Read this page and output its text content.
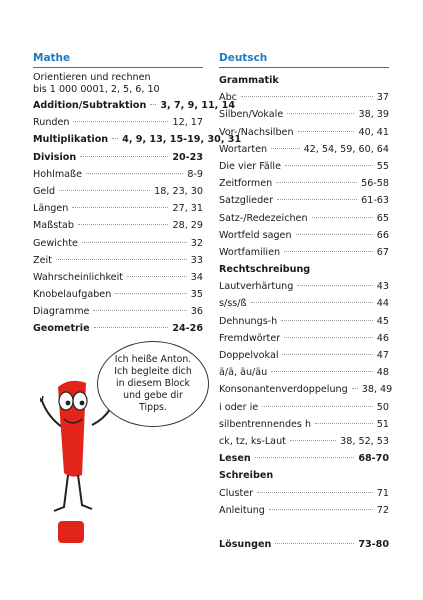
Mathe
Orientieren und rechnen
bis 1 000 000 1, 2, 5, 6, 10
Addition/Subtraktion 3, 7, 9, 11, 14
Runden	12, 17
Multiplikation 4, 9, 13, 15-19, 30, 31
Division	20-23
Hohlmaße	8-9
Geld	18, 23, 30
Längen	27, 31
Maßstab	28, 29
Gewichte	32
Zeit	33
Wahrscheinlichkeit	34
Knobelaufgaben	35
Diagramme	36
Geometrie	24-26
Deutsch
Grammatik
Abc	37
Silben/Vokale	38, 39
Vor-/Nachsilben	40, 41
Wortarten	42, 54, 59, 60, 64
Die vier Fälle	55
Zeitformen	56-58
Satzglieder	61-63
Satz-/Redezeichen	65
Wortfeld sagen	66
Wortfamilien	67
Rechtschreibung
Lautverhärtung	43
s/ss/ß	44
Dehnungs-h	45
Fremdwörter	46
Doppelvokal	47
ä/ä, äu/äu	48
Konsonantenverdoppelung 38, 49
i oder ie	50
silbentrennendes h	51
ck, tz, ks-Laut	38, 52, 53
Lesen	68-70
Schreiben
Cluster	71
Anleitung	72
Lösungen	73-80
Ich heiße Anton. Ich begleite dich in diesem Block und gebe dir Tipps.
